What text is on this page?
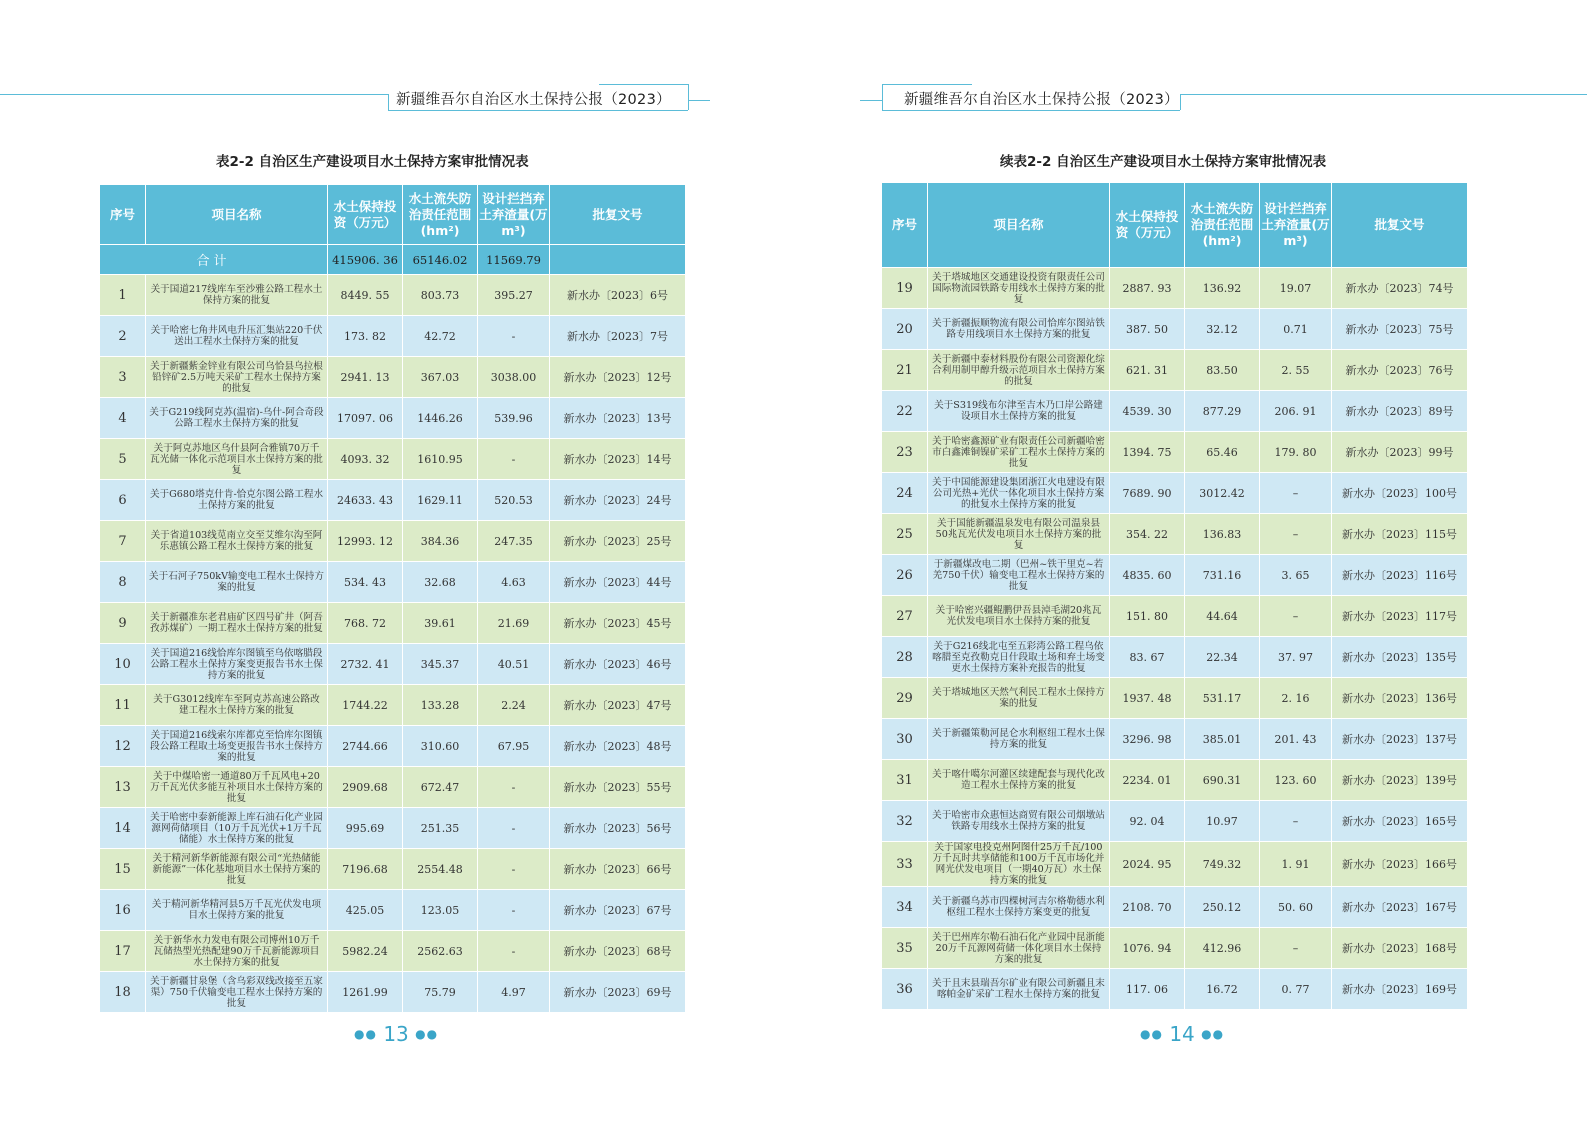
新疆维吾尔自治区水土保持公报（2023）
表2-2 自治区生产建设项目水土保持方案审批情况表
序号	项目名称	水土保持投资（万元）	水土流失防治责任范围(hm²)	设计拦挡弃土弃渣量(万m³)	批复文号
合计		415906. 36	65146.02	11569.79	
1	关于国道217线库车至沙雅公路工程水土保持方案的批复	8449. 55	803.73	395.27	新水办〔2023〕6号
2	关于哈密七角井风电升压汇集站220千伏送出工程水土保持方案的批复	173. 82	42.72	-	新水办〔2023〕7号
3	关于新疆紫金锌业有限公司乌恰县乌拉根铅锌矿2.5万吨天采矿工程水土保持方案的批复	2941. 13	367.03	3038.00	新水办〔2023〕12号
4	关于G219线阿克苏(温宿)-乌什-阿合奇段公路工程水土保持方案的批复	17097. 06	1446.26	539.96	新水办〔2023〕13号
5	关于阿克苏地区乌什县阿合雅镇70万千瓦光储一体化示范项目水土保持方案的批复	4093. 32	1610.95	-	新水办〔2023〕14号
6	关于G680塔克什肯-恰克尔图公路工程水土保持方案的批复	24633. 43	1629.11	520.53	新水办〔2023〕24号
7	关于省道103线苋南立交至艾维尔沟至阿乐惠镇公路工程水土保持方案的批复	12993. 12	384.36	247.35	新水办〔2023〕25号
8	关于石河子750kV输变电工程水土保持方案的批复	534. 43	32.68	4.63	新水办〔2023〕44号
9	关于新疆准东老君庙矿区四号矿井（阿吾孜苏煤矿）一期工程水土保持方案的批复	768. 72	39.61	21.69	新水办〔2023〕45号
10	关于国道216线恰库尔图镇至乌依喀腊段公路工程水土保持方案变更报告书水土保持方案的批复	2732. 41	345.37	40.51	新水办〔2023〕46号
11	关于G3012线库车至阿克苏高速公路改建工程水土保持方案的批复	1744.22	133.28	2.24	新水办〔2023〕47号
12	关于国道216线索尔库都克至恰库尔图镇段公路工程取土场变更报告书水土保持方案的批复	2744.66	310.60	67.95	新水办〔2023〕48号
13	关于中煤哈密一通道80万千瓦风电+20万千瓦光伏多能互补项目水土保持方案的批复	2909.68	672.47	-	新水办〔2023〕55号
14	关于哈密中泰新能源上库石油石化产业园源网荷储项目（10万千瓦光伏+1万千瓦储能）水土保持方案的批复	995.69	251.35	-	新水办〔2023〕56号
15	关于精河新华新能源有限公司“光热储能新能源”一体化基地项目水土保持方案的批复	7196.68	2554.48	-	新水办〔2023〕66号
16	关于精河新华精河县5万千瓦光伏发电项目水土保持方案的批复	425.05	123.05	-	新水办〔2023〕67号
17	关于新华水力发电有限公司博州10万千瓦储热型光热配建90万千瓦新能源项目水土保持方案的批复	5982.24	2562.63	-	新水办〔2023〕68号
18	关于新疆甘泉堡（含乌彩双线改接至五家渠）750千伏输变电工程水土保持方案的批复	1261.99	75.79	4.97	新水办〔2023〕69号
●● 13 ●●
新疆维吾尔自治区水土保持公报（2023）
续表2-2 自治区生产建设项目水土保持方案审批情况表
序号	项目名称	水土保持投资（万元）	水土流失防治责任范围(hm²)	设计拦挡弃土弃渣量(万m³)	批复文号
19	关于塔城地区交通建设投资有限责任公司国际物流园铁路专用线水土保持方案的批复	2887. 93	136.92	19.07	新水办〔2023〕74号
20	关于新疆振顺物流有限公司恰库尔图站铁路专用线项目水土保持方案的批复	387. 50	32.12	0.71	新水办〔2023〕75号
21	关于新疆中泰材料股份有限公司资源化综合利用制甲醇升级示范项目水土保持方案的批复	621. 31	83.50	2. 55	新水办〔2023〕76号
22	关于S319线布尔津至吉木乃口岸公路建设项目水土保持方案的批复	4539. 30	877.29	206. 91	新水办〔2023〕89号
23	关于哈密鑫源矿业有限责任公司新疆哈密市白鑫滩铜镍矿采矿工程水土保持方案的批复	1394. 75	65.46	179. 80	新水办〔2023〕99号
24	关于中国能源建设集团浙江火电建设有限公司光热+光伏一体化项目水土保持方案的批复水土保持方案的批复	7689. 90	3012.42	–	新水办〔2023〕100号
25	关于国能新疆温泉发电有限公司温泉县50兆瓦光伏发电项目水土保持方案的批复	354. 22	136.83	–	新水办〔2023〕115号
26	于新疆煤改电二期（巴州~铁干里克~若羌750千伏）输变电工程水土保持方案的批复	4835. 60	731.16	3. 65	新水办〔2023〕116号
27	关于哈密兴疆鲲鹏伊吾县淖毛湖20兆瓦光伏发电项目水土保持方案的批复	151. 80	44.64	–	新水办〔2023〕117号
28	关于G216线北屯至五彩湾公路工程乌依喀腊至克孜勒克日什段取土场和弃土场变更水土保持方案补充报告的批复	83. 67	22.34	37. 97	新水办〔2023〕135号
29	关于塔城地区天然气利民工程水土保持方案的批复	1937. 48	531.17	2. 16	新水办〔2023〕136号
30	关于新疆策勒河昆仑水利枢纽工程水土保持方案的批复	3296. 98	385.01	201. 43	新水办〔2023〕137号
31	关于喀什噶尔河灌区续建配套与现代化改造工程水土保持方案的批复	2234. 01	690.31	123. 60	新水办〔2023〕139号
32	关于哈密市众惠恒达商贸有限公司烟墩站铁路专用线水土保持方案的批复	92. 04	10.97	–	新水办〔2023〕165号
33	关于国家电投克州阿图什25万千瓦/100万千瓦时共享储能和100万千瓦市场化并网光伏发电项目（一期40万瓦）水土保持方案的批复	2024. 95	749.32	1. 91	新水办〔2023〕166号
34	关于新疆乌苏市四棵树河吉尔格勒德水利枢纽工程水土保持方案变更的批复	2108. 70	250.12	50. 60	新水办〔2023〕167号
35	关于巴州库尔勒石油石化产业园中昆浙能20万千瓦源网荷储一体化项目水土保持方案的批复	1076. 94	412.96	–	新水办〔2023〕168号
36	关于且末县瑞吾尔矿业有限公司新疆且末喀帕金矿采矿工程水土保持方案的批复	117. 06	16.72	0. 77	新水办〔2023〕169号
●● 14 ●●
